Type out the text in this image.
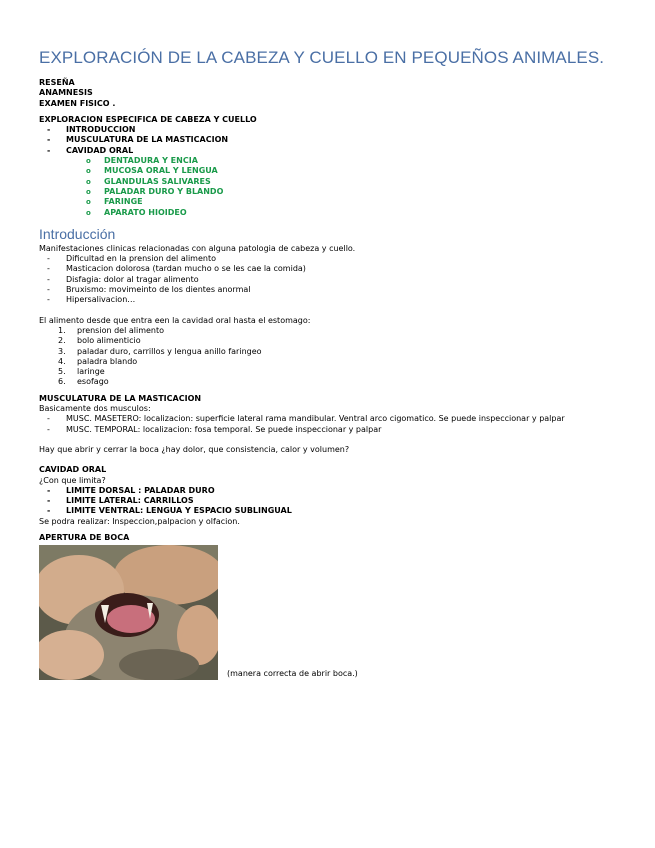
EXPLORACIÓN DE LA CABEZA Y CUELLO EN PEQUEÑOS ANIMALES.
RESEÑA
ANAMNESIS
EXAMEN FISICO .
EXPLORACION ESPECIFICA DE CABEZA Y CUELLO
- INTRODUCCION
- MUSCULATURA DE LA MASTICACION
- CAVIDAD ORAL
o DENTADURA Y ENCIA
o MUCOSA ORAL Y LENGUA
o GLANDULAS SALIVARES
o PALADAR DURO Y BLANDO
o FARINGE
o APARATO HIOIDEO
Introducción
Manifestaciones clinicas relacionadas con alguna patologia de cabeza y cuello.
- Dificultad en la prension del alimento
- Masticacion dolorosa (tardan mucho o se les cae la comida)
- Disfagia: dolor al tragar alimento
- Bruxismo: movimeinto de los dientes anormal
- Hipersalivacion…
El alimento desde que entra een la cavidad oral hasta el estomago:
1. prension del alimento
2. bolo alimenticio
3. paladar duro, carrillos y lengua anillo faringeo
4. paladra blando
5. laringe
6. esofago
MUSCULATURA DE LA MASTICACION
Basicamente dos musculos:
- MUSC. MASETERO: localizacion: superficie lateral rama mandibular. Ventral arco cigomatico. Se puede inspeccionar y palpar
- MUSC. TEMPORAL: localizacion: fosa temporal. Se puede inspeccionar y palpar
Hay que abrir y cerrar la boca ¿hay dolor, que consistencia, calor y volumen?
CAVIDAD ORAL
¿Con que limita?
- LIMITE DORSAL : PALADAR DURO
- LIMITE LATERAL: CARRILLOS
- LIMITE VENTRAL: LENGUA Y ESPACIO SUBLINGUAL
Se podra realizar: Inspeccion,palpacion y olfacion.
APERTURA DE BOCA
(manera correcta de abrir boca.)
